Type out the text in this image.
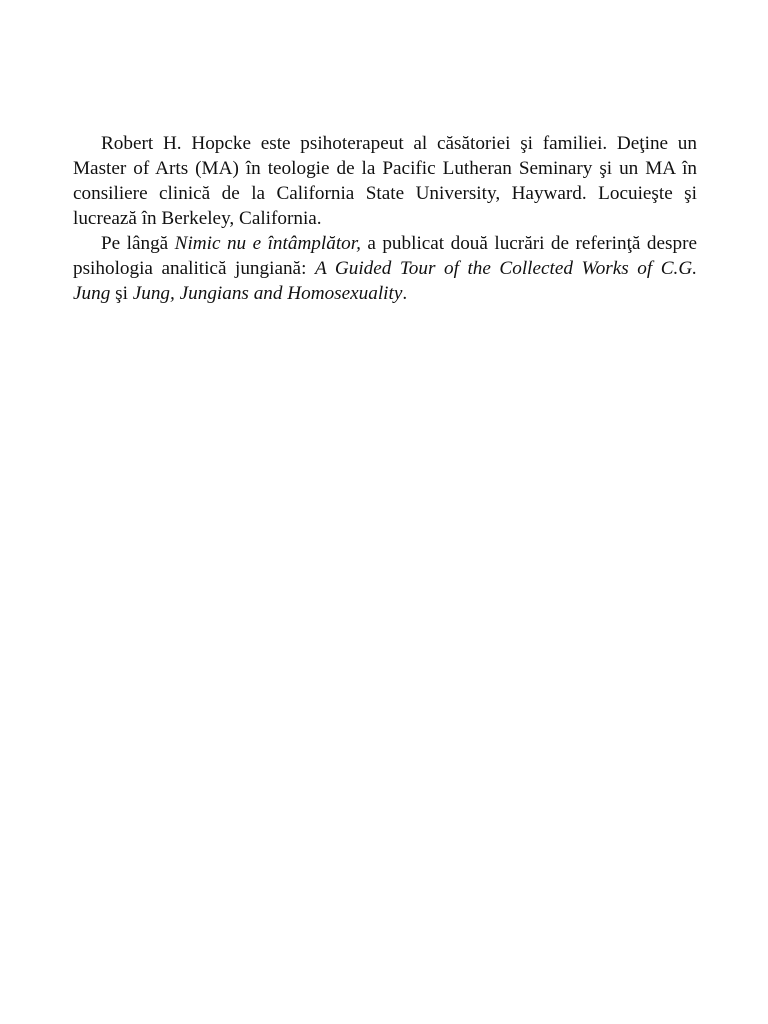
Robert H. Hopcke este psihoterapeut al căsătoriei şi familiei. Deţine un Master of Arts (MA) în teologie de la Pacific Lutheran Seminary şi un MA în consiliere clinică de la California State University, Hayward. Locuieşte şi lucrează în Berkeley, California.

Pe lângă Nimic nu e întâmplător, a publicat două lucrări de referinţă despre psihologia analitică jungiană: A Guided Tour of the Collected Works of C.G. Jung şi Jung, Jungians and Homosexuality.
